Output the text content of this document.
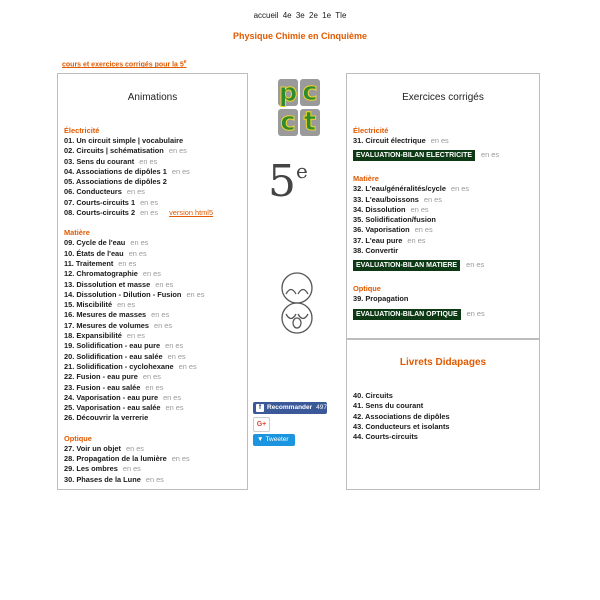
accueil 4e 3e 2e 1e Tle
Physique Chimie en Cinquième
cours et exercices corrigés pour la 5e
Animations
Électricité
01. Un circuit simple | vocabulaire
02. Circuits | schématisation en es
03. Sens du courant en es
04. Associations de dipôles 1 en es
05. Associations de dipôles 2
06. Conducteurs en es
07. Courts-circuits 1 en es
08. Courts-circuits 2 en es version html5
Matière
09. Cycle de l'eau en es
10. États de l'eau en es
11. Traitement en es
12. Chromatographie en es
13. Dissolution et masse en es
14. Dissolution - Dilution - Fusion en es
15. Miscibilité en es
16. Mesures de masses en es
17. Mesures de volumes en es
18. Expansibilité en es
19. Solidification - eau pure en es
20. Solidification - eau salée en es
21. Solidification - cyclohexane en es
22. Fusion - eau pure en es
23. Fusion - eau salée en es
24. Vaporisation - eau pure en es
25. Vaporisation - eau salée en es
26. Découvrir la verrerie
Optique
27. Voir un objet en es
28. Propagation de la lumière en es
29. Les ombres en es
30. Phases de la Lune en es
p c
c t
5e
Exercices corrigés
Électricité
31. Circuit électrique en es
EVALUATION-BILAN ELECTRICITE en es
Matière
32. L'eau/généralités/cycle en es
33. L'eau/boissons en es
34. Dissolution en es
35. Solidification/fusion
36. Vaporisation en es
37. L'eau pure en es
38. Convertir
EVALUATION-BILAN MATIERE en es
Optique
39. Propagation
EVALUATION-BILAN OPTIQUE en es
Livrets Didapages
40. Circuits
41. Sens du courant
42. Associations de dipôles
43. Conducteurs et isolants
44. Courts-circuits
f Recommander 497
G+
▼ Tweeter
